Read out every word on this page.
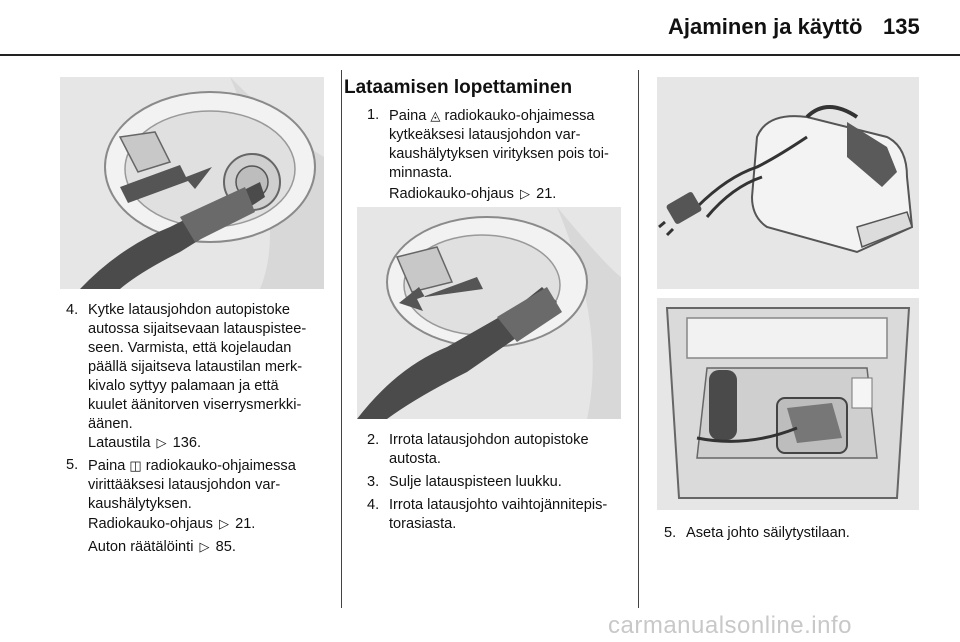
Ajaminen ja käyttö 135
4. Kytke latausjohdon autopistoke
autossa sijaitsevaan latauspistee-
seen. Varmista, että kojelaudan
päällä sijaitseva lataustilan merk-
kivalo syttyy palamaan ja että
kuulet äänitorven viserrysmerkki-
äänen.
Lataustila ▷ 136.
5. Paina ◫ radiokauko-ohjaimessa
virittääksesi latausjohdon var-
kaushälytyksen.
Radiokauko-ohjaus ▷ 21.
Auton räätälöinti ▷ 85.
Lataamisen lopettaminen
1. Paina ◬ radiokauko-ohjaimessa
kytkeäksesi latausjohdon var-
kaushälytyksen virityksen pois toi-
minnasta.
Radiokauko-ohjaus ▷ 21.
2. Irrota latausjohdon autopistoke
autosta.
3. Sulje latauspisteen luukku.
4. Irrota latausjohto vaihtojännitepis-
torasiasta.
5. Aseta johto säilytystilaan.
carmanualsonline.info
